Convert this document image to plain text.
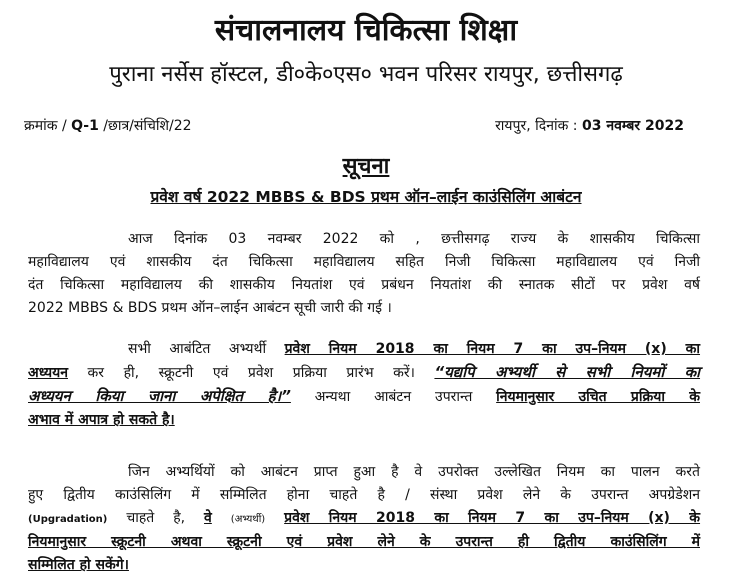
संचालनालय चिकित्सा शिक्षा
पुराना नर्सेस हॉस्टल, डी०के०एस० भवन परिसर रायपुर, छत्तीसगढ़
क्रमांक / Q-1 /छात्र/संचिशि/22	रायपुर, दिनांक : 03 नवम्बर 2022
सूचना
प्रवेश वर्ष 2022 MBBS & BDS प्रथम ऑन–लाईन काउंसिलिंग आबंटन
आज दिनांक 03 नवम्बर 2022 को , छत्तीसगढ़ राज्य के शासकीय चिकित्सा
महाविद्यालय एवं शासकीय दंत चिकित्सा महाविद्यालय सहित निजी चिकित्सा महाविद्यालय एवं निजी
दंत चिकित्सा महाविद्यालय की शासकीय नियतांश एवं प्रबंधन नियतांश की स्नातक सीटों पर प्रवेश वर्ष
2022 MBBS & BDS प्रथम ऑन–लाईन आबंटन सूची जारी की गई ।
सभी आबंटित अभ्यर्थी प्रवेश नियम 2018 का नियम 7 का उप–नियम (x) का
अध्ययन कर ही, स्क्रूटनी एवं प्रवेश प्रक्रिया प्रारंभ करें। “यद्यपि अभ्यर्थी से सभी नियमों का
अध्ययन किया जाना अपेक्षित है।” अन्यथा आबंटन उपरान्त नियमानुसार उचित प्रक्रिया के
अभाव में अपात्र हो सकते है।
जिन अभ्यर्थियों को आबंटन प्राप्त हुआ है वे उपरोक्त उल्लेखित नियम का पालन करते
हुए द्वितीय काउंसिलिंग में सम्मिलित होना चाहते है / संस्था प्रवेश लेने के उपरान्त अपग्रेडेशन
(Upgradation) चाहते है, वे (अभ्यर्थी) प्रवेश नियम 2018 का नियम 7 का उप–नियम (x) के
नियमानुसार स्क्रूटनी अथवा स्क्रूटनी एवं प्रवेश लेने के उपरान्त ही द्वितीय काउंसिलिंग में
सम्मिलित हो सकेंगे।
